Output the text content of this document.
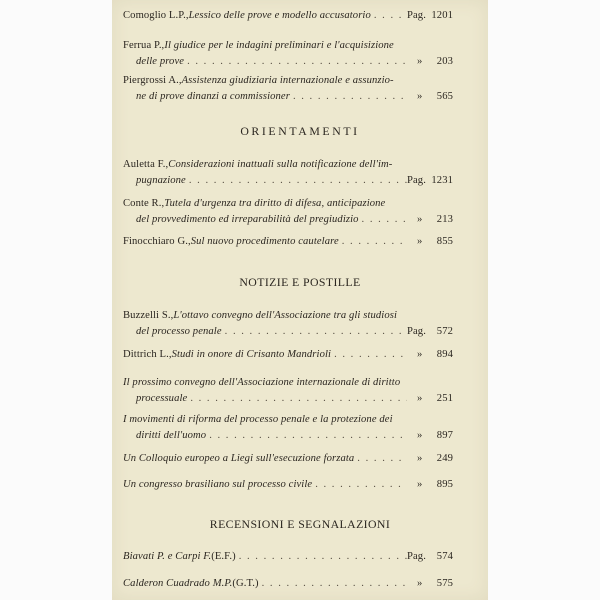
Comoglio L.P., Lessico delle prove e modello accusatorio . . .	Pag. 1201
Ferrua P., Il giudice per le indagini preliminari e l'acquisizione
delle prove . . .	» 203
Piergrossi A., Assistenza giudiziaria internazionale e assunzio-
ne di prove dinanzi a commissioner . . .	» 565
ORIENTAMENTI
Auletta F., Considerazioni inattuali sulla notificazione dell'im-
pugnazione . . .	Pag. 1231
Conte R., Tutela d'urgenza tra diritto di difesa, anticipazione
del provvedimento ed irreparabilità del pregiudizio . . .	» 213
Finocchiaro G., Sul nuovo procedimento cautelare . . .	» 855
NOTIZIE E POSTILLE
Buzzelli S., L'ottavo convegno dell'Associazione tra gli studiosi
del processo penale . . .	Pag. 572
Dittrich L., Studi in onore di Crisanto Mandrioli . . .	» 894
Il prossimo convegno dell'Associazione internazionale di diritto
processuale . . .	» 251
I movimenti di riforma del processo penale e la protezione dei
diritti dell'uomo . . .	» 897
Un Colloquio europeo a Liegi sull'esecuzione forzata . . .	» 249
Un congresso brasiliano sul processo civile . . .	» 895
RECENSIONI E SEGNALAZIONI
Biavati P. e Carpi F. (E.F.) . . .	Pag. 574
Calderon Cuadrado M.P. (G.T.) . . .	» 575
